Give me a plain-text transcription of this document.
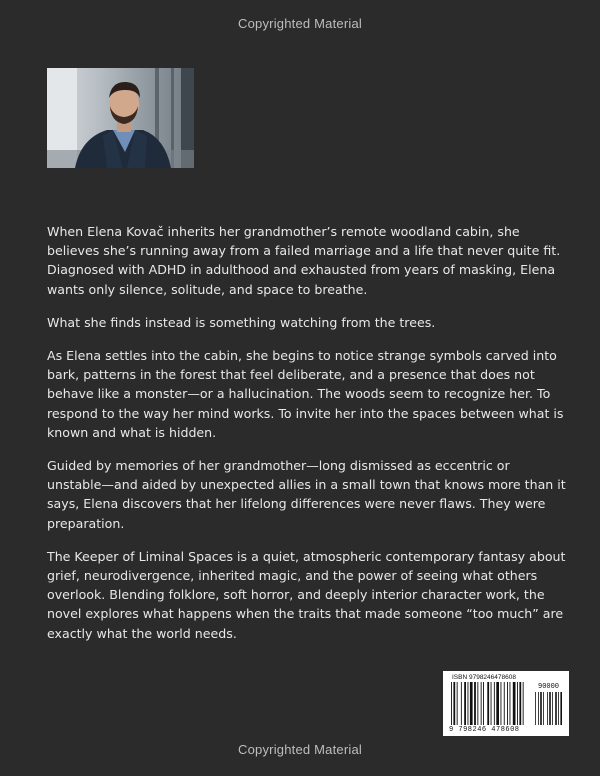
Copyrighted Material

When Elena Kovač inherits her grandmother’s remote woodland cabin, she believes she’s running away from a failed marriage and a life that never quite fit. Diagnosed with ADHD in adulthood and exhausted from years of masking, Elena wants only silence, solitude, and space to breathe.

What she finds instead is something watching from the trees.

As Elena settles into the cabin, she begins to notice strange symbols carved into bark, patterns in the forest that feel deliberate, and a presence that does not behave like a monster—or a hallucination. The woods seem to recognize her. To respond to the way her mind works. To invite her into the spaces between what is known and what is hidden.

Guided by memories of her grandmother—long dismissed as eccentric or unstable—and aided by unexpected allies in a small town that knows more than it says, Elena discovers that her lifelong differences were never flaws. They were preparation.

The Keeper of Liminal Spaces is a quiet, atmospheric contemporary fantasy about grief, neurodivergence, inherited magic, and the power of seeing what others overlook. Blending folklore, soft horror, and deeply interior character work, the novel explores what happens when the traits that made someone “too much” are exactly what the world needs.

ISBN 9798246478608
90000
9 798246 478608
Copyrighted Material
